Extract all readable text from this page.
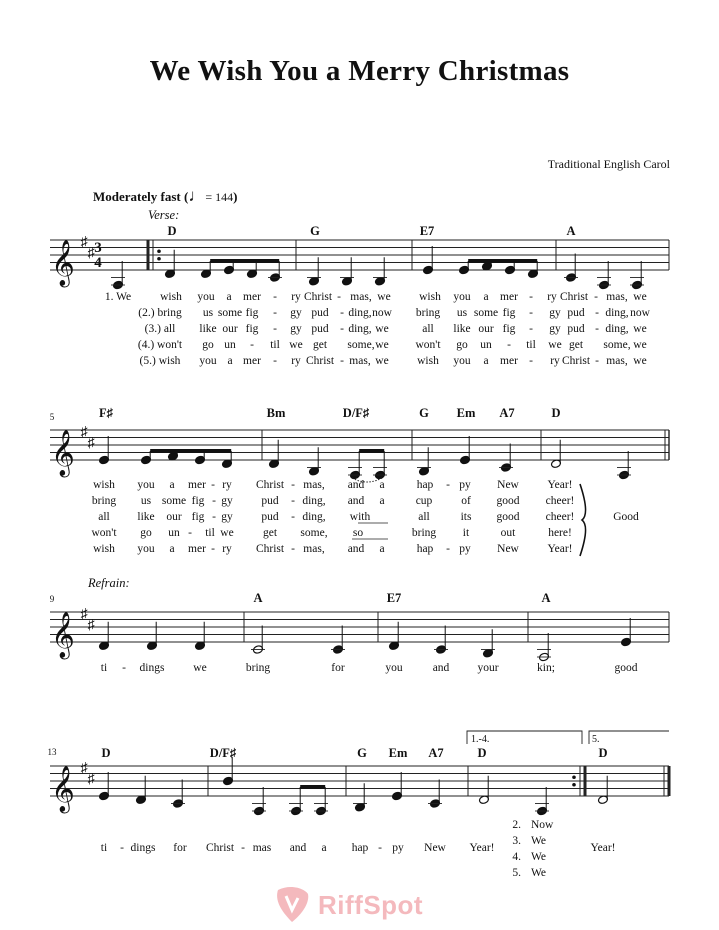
We Wish You a Merry Christmas
Traditional English Carol
Moderately fast (♩= 144)
Verse:
Refrain:
𝄞 ♯
♯ 3
4
D	G	E7	A
1. We	wish you a mer - ry Christ - mas, we wish you a mer - ry Christ - mas, we
(2.) bring us some fig - gy pud - ding, now bring us some fig - gy pud - ding, now
(3.) all like our fig - gy pud - ding, we	all like our fig - gy pud - ding, we
(4.) won't go un - til we get some, we won't go un - til we get some, we
(5.) wish you a mer - ry Christ - mas, we wish you a mer - ry Christ - mas, we
𝄞 ♯
♯
5	F♯	Bm	D/F♯	G Em A7	D
wish you a mer - ry Christ - mas, and a	hap - py New Year!
bring us some fig - gy pud - ding, and a	cup	of good cheer!
all like our fig - gy pud - ding, with	all	its good cheer!	Good
won't go un - til we	get some, so	bring it	out	here!
wish you a mer - ry Christ - mas, and a	hap - py New Year!
𝄞 ♯
♯
9	A	E7	A
ti - dings	we	bring	for	you	and your	kin;	good
𝄞 ♯
♯
13
1.-4.	5.
D	D/F♯	G Em A7	D	D
ti - dings for Christ - mas and a hap - py New Year!	Year!
2. Now
3. We
4. We
5. We
RiffSpot
